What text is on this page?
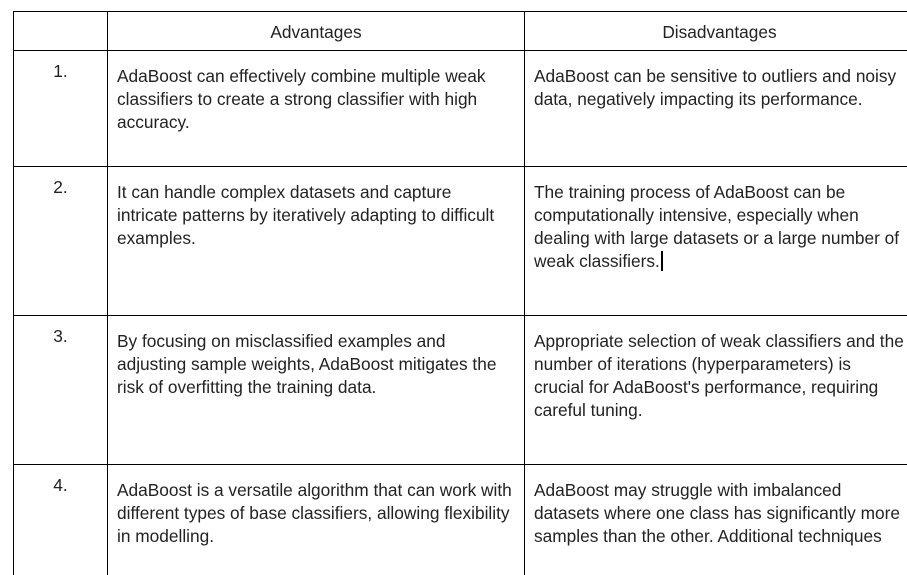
	Advantages	Disadvantages
1.	AdaBoost can effectively combine multiple weak classifiers to create a strong classifier with high accuracy.	AdaBoost can be sensitive to outliers and noisy data, negatively impacting its performance.
2.	It can handle complex datasets and capture intricate patterns by iteratively adapting to difficult examples.	The training process of AdaBoost can be computationally intensive, especially when dealing with large datasets or a large number of weak classifiers.

3.	By focusing on misclassified examples and adjusting sample weights, AdaBoost mitigates the risk of overfitting the training data.	Appropriate selection of weak classifiers and the number of iterations (hyperparameters) is crucial for AdaBoost's performance, requiring careful tuning.
4.	AdaBoost is a versatile algorithm that can work with different types of base classifiers, allowing flexibility in modelling.	AdaBoost may struggle with imbalanced datasets where one class has significantly more samples than the other. Additional techniques
